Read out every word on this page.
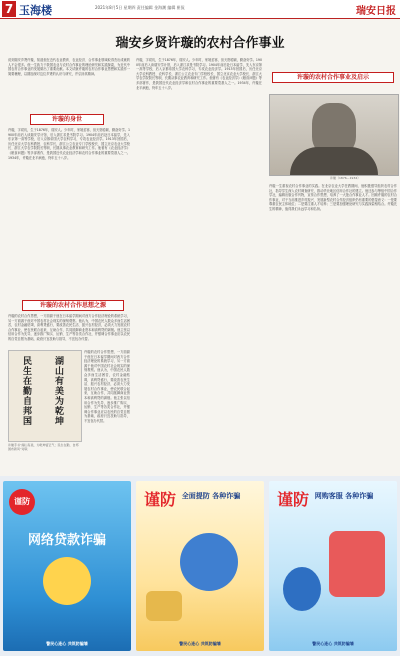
7 玉海楼	2021年8月5日 星期四 责任编辑 金海潮 编辑 崔侃	瑞安日报
瑞安乡贤许璇的农村合作事业
说到瑞安乡贤许璇，知道他在近代农业教育、农业经济、合作事业领域取得杰出成就的人不会很多。他一生致力于我国农业与农村合作事业的理论研究和实践探索，为近代中国农村合作事业的发展做出了重要贡献。本文试就许璇的农村合作事业思想和实践作一简要梳理，以期加深对这位乡贤的认识与研究，并弘扬其精神。
许璇的身世
许璇，字叔玑，生于1876年，瑞安人。少年时，家境贫寒，但天资聪颖，勤奋好学。1900年前后入读瑞安学计馆，后入浙江求是书院学习。1904年前后赴日本留学，先入东京第一高等学校，后入京都帝国大学农科学习，专攻农业经济学。1913年回国后，历任北京大学农科教授、农科学长，浙江公立农业专门学校校长、国立北京农业大学校长、浙江大学农学院院长等职，长期从事农业教育和研究工作。他著有《农业经济学》《粮食问题》等多部著作，是我国近代农业经济学和农村合作事业的重要奠基人之一。1934年，许璇在北平病逝，终年五十八岁。
许璇的农村合作思想之源
许璇的农村合作思想，一方面源于他在日本留学期间对西方合作经济理论的系统学习，另一方面源于他对中国农村社会现实的深刻观察。他认为，中国农民人数众多而生活困苦，农村金融枯竭，高利贷盛行，要改善农民生活、振兴农村经济，必须大力发展农村合作事业，使农民联合起来，互助合作，共同抵御商业资本和高利贷的剥削。他主张以信用合作为先导，逐步推广购买、运销、生产等各类合作社，并强调合作事业应以农民的自觉自愿为基础，政府只宜扶助与指导，不宜包办代替。
湖山有美为乾坤
民生在勤自邦国
许璇的农村合作思想，一方面源于他在日本留学期间对西方合作经济理论的系统学习，另一方面源于他对中国农村社会现实的深刻观察。他认为，中国农民人数众多而生活困苦，农村金融枯竭，高利贷盛行，要改善农民生活、振兴农村经济，必须大力发展农村合作事业，使农民联合起来，互助合作，共同抵御商业资本和高利贷的剥削。他主张以信用合作为先导，逐步推广购买、运销、生产等各类合作社，并强调合作事业应以农民的自觉自愿为基础，政府只宜扶助与指导，不宜包办代替。
许璇手书“湖山有美，为乾坤留正气；民生在勤，自邦国布新风”对联
许璇，字叔玑，生于1876年，瑞安人。少年时，家境贫寒，但天资聪颖，勤奋好学。1900年前后入读瑞安学计馆，后入浙江求是书院学习。1904年前后赴日本留学，先入东京第一高等学校，后入京都帝国大学农科学习，专攻农业经济学。1913年回国后，历任北京大学农科教授、农科学长，浙江公立农业专门学校校长、国立北京农业大学校长、浙江大学农学院院长等职，长期从事农业教育和研究工作。他著有《农业经济学》《粮食问题》等多部著作，是我国近代农业经济学和农村合作事业的重要奠基人之一。1934年，许璇在北平病逝，终年五十八岁。
许璇的农村合作事业及启示
许璇（1876—1934）
许璇一生重视农村合作事业的实践。在北京农业大学任教期间，他积极倡导组织农村合作社，指导学生深入农村调查研究，推动华北地区信用合作社的建立。他还参与筹组中国合作学社，编辑出版合作刊物，宣传合作思想，培养了一大批合作事业人才。回顾许璇的农村合作事业，对于当前推进乡村振兴、发展新型农村合作经济组织仍有重要的借鉴意义：一是要尊重农民主体地位；二是要注重人才培养；三是要加强理论研究与实践探索相结合。许璇先生的精神，值得我们永远学习和弘扬。
谨防
网络贷款诈骗
警民心连心 共筑防骗墙
谨防 全面提防 各种诈骗
警民心连心 共筑防骗墙
谨防 网购客服 各种诈骗
警民心连心 共筑防骗墙
